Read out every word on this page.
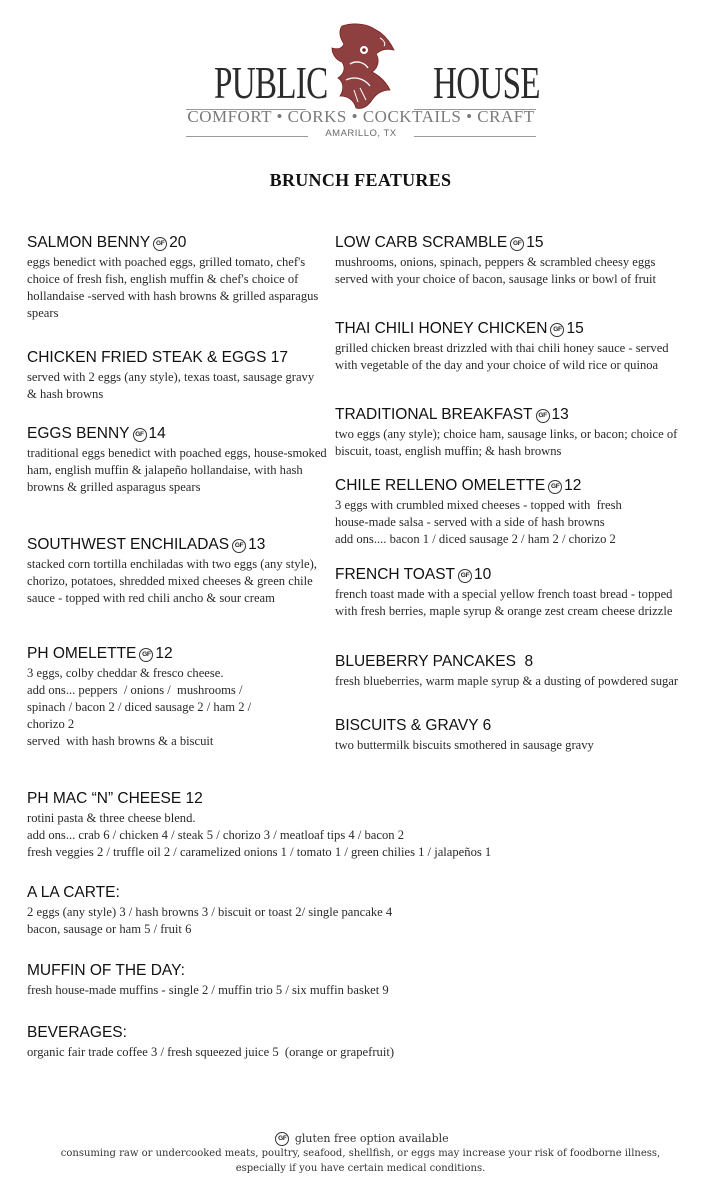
PUBLIC HOUSE
COMFORT • CORKS • COCKTAILS • CRAFT
AMARILLO, TX
BRUNCH FEATURES
SALMON BENNY GF 20
eggs benedict with poached eggs, grilled tomato, chef's choice of fresh fish, english muffin & chef's choice of hollandaise -served with hash browns & grilled asparagus spears
CHICKEN FRIED STEAK & EGGS 17
served with 2 eggs (any style), texas toast, sausage gravy & hash browns
EGGS BENNY GF 14
traditional eggs benedict with poached eggs, house-smoked ham, english muffin & jalapeño hollandaise, with hash browns & grilled asparagus spears
SOUTHWEST ENCHILADAS GF 13
stacked corn tortilla enchiladas with two eggs (any style), chorizo, potatoes, shredded mixed cheeses & green chile sauce - topped with red chili ancho & sour cream
PH OMELETTE GF 12
3 eggs, colby cheddar & fresco cheese.
add ons... peppers  / onions /  mushrooms /
spinach / bacon 2 / diced sausage 2 / ham 2 /
chorizo 2
served  with hash browns & a biscuit
LOW CARB SCRAMBLE GF 15
mushrooms, onions, spinach, peppers & scrambled cheesy eggs served with your choice of bacon, sausage links or bowl of fruit
THAI CHILI HONEY CHICKEN GF 15
grilled chicken breast drizzled with thai chili honey sauce - served with vegetable of the day and your choice of wild rice or quinoa
TRADITIONAL BREAKFAST GF 13
two eggs (any style); choice ham, sausage links, or bacon; choice of biscuit, toast, english muffin; & hash browns
CHILE RELLENO OMELETTE GF 12
3 eggs with crumbled mixed cheeses - topped with  fresh
house-made salsa - served with a side of hash browns
add ons.... bacon 1 / diced sausage 2 / ham 2 / chorizo 2
FRENCH TOAST GF 10
french toast made with a special yellow french toast bread - topped with fresh berries, maple syrup & orange zest cream cheese drizzle
BLUEBERRY PANCAKES 8
fresh blueberries, warm maple syrup & a dusting of powdered sugar
BISCUITS & GRAVY 6
two buttermilk biscuits smothered in sausage gravy
PH MAC “N” CHEESE 12
rotini pasta & three cheese blend.
add ons... crab 6 / chicken 4 / steak 5 / chorizo 3 / meatloaf tips 4 / bacon 2
fresh veggies 2 / truffle oil 2 / caramelized onions 1 / tomato 1 / green chilies 1 / jalapeños 1
A LA CARTE:
2 eggs (any style) 3 / hash browns 3 / biscuit or toast 2/ single pancake 4
bacon, sausage or ham 5 / fruit 6
MUFFIN OF THE DAY:
fresh house-made muffins - single 2 / muffin trio 5 / six muffin basket 9
BEVERAGES:
organic fair trade coffee 3 / fresh squeezed juice 5  (orange or grapefruit)
GF gluten free option available
consuming raw or undercooked meats, poultry, seafood, shellfish, or eggs may increase your risk of foodborne illness,
especially if you have certain medical conditions.
